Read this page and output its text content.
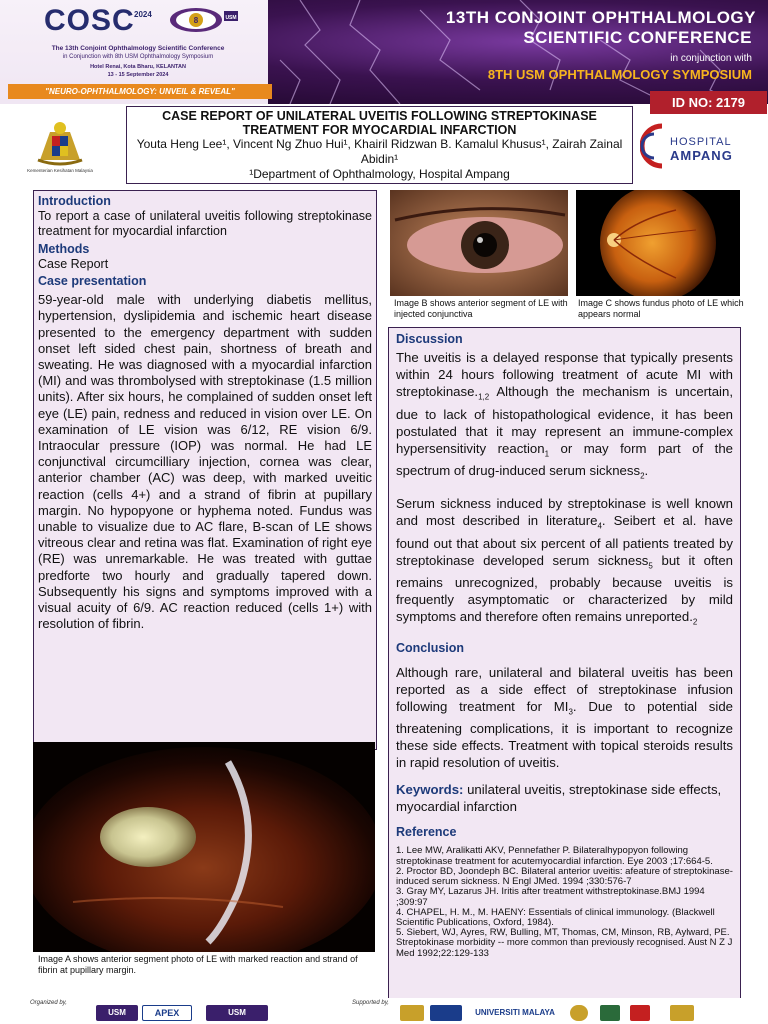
COSC 2024
8	USM
The 13th Conjoint Ophthalmology Scientific Conference
in Conjunction with 8th USM Ophthalmology Symposium
Hotel Renai, Kota Bharu, KELANTAN
13 - 15 September 2024
"NEURO-OPHTHALMOLOGY: UNVEIL & REVEAL"
13TH CONJOINT OPHTHALMOLOGY
SCIENTIFIC CONFERENCE
in conjunction with
8TH USM OPHTHALMOLOGY SYMPOSIUM
ID NO: 2179
Kementerian Kesihatan Malaysia
CASE REPORT OF UNILATERAL UVEITIS FOLLOWING STREPTOKINASE TREATMENT FOR MYOCARDIAL INFARCTION
Youta Heng Lee¹, Vincent Ng Zhuo Hui¹, Khairil Ridzwan B. Kamalul Khusus¹, Zairah Zainal Abidin¹
¹Department of Ophthalmology, Hospital Ampang
HOSPITAL
AMPANG
Introduction
To report a case of unilateral uveitis following streptokinase treatment for myocardial infarction
Methods
Case Report
Case presentation
59-year-old male with underlying diabetis mellitus, hypertension, dyslipidemia and ischemic heart disease presented to the emergency department with sudden onset left sided chest pain, shortness of breath and sweating. He was diagnosed with a myocardial infarction (MI) and was thrombolysed with streptokinase (1.5 million units). After six hours, he complained of sudden onset left eye (LE) pain, redness and reduced in vision over LE. On examination of LE vision was 6/12, RE vision 6/9. Intraocular pressure (IOP) was normal. He had LE conjunctival circumcilliary injection, cornea was clear, anterior chamber (AC) was deep, with marked uveitic reaction (cells 4+) and a strand of fibrin at pupillary margin. No hypopyone or hyphema noted. Fundus was unable to visualize due to AC flare, B-scan of LE shows vitreous clear and retina was flat. Examination of right eye (RE) was unremarkable. He was treated with guttae predforte two hourly and gradually tapered down. Subsequently his signs and symptoms improved with a visual acuity of 6/9. AC reaction reduced (cells 1+) with resolution of fibrin.
Image A shows anterior segment photo of LE with marked reaction and strand of fibrin at pupillary margin.
Image B shows anterior segment of LE with injected conjunctiva
Image C shows fundus photo of LE which appears normal
Discussion
The uveitis is a delayed response that typically presents within 24 hours following treatment of acute MI with $streptokinase._{1,2}$ Although the mechanism is uncertain, due to lack of histopathological evidence, it has been postulated that it may represent an immune-complex hypersensitivity reaction$_1$ or may form part of the spectrum of drug-induced serum sickness$_2$.
Serum sickness induced by streptokinase is well known and most described in literature$_4$. Seibert et al. have found out that about six percent of all patients treated by streptokinase developed serum sickness$_5$ but it often remains unrecognized, probably because uveitis is frequently asymptomatic or characterized by mild symptoms and therefore often remains $unreported._2$
Conclusion
Although rare, unilateral and bilateral uveitis has been reported as a side effect of streptokinase infusion following treatment for $MI_3$. Due to potential side threatening complications, it is important to recognize these side effects. Treatment with topical steroids results in rapid resolution of uveitis.
Keywords: unilateral uveitis, streptokinase side effects, myocardial infarction
Reference
1. Lee MW, Aralikatti AKV, Pennefather P. Bilateralhypopyon following streptokinase treatment for acutemyocardial infarction. Eye 2003 ;17:664-5.
2. Proctor BD, Joondeph BC. Bilateral anterior uveitis: afeature of streptokinase-induced serum sickness. N Engl JMed. 1994 ;330:576-7
3. Gray MY, Lazarus JH. Iritis after treatment withstreptokinase.BMJ 1994 ;309:97
4. CHAPEL, H. M., M. HAENY: Essentials of clinical immunology. (Blackwell Scientific Publications, Oxford, 1984).
5. Siebert, WJ, Ayres, RW, Bulling, MT, Thomas, CM, Minson, RB, Aylward, PE. Streptokinase morbidity -- more common than previously recognised. Aust N Z J Med 1992;22:129-133
Organized by,
USM	APEX	USM
Supported by,
UNIVERSITI MALAYA
